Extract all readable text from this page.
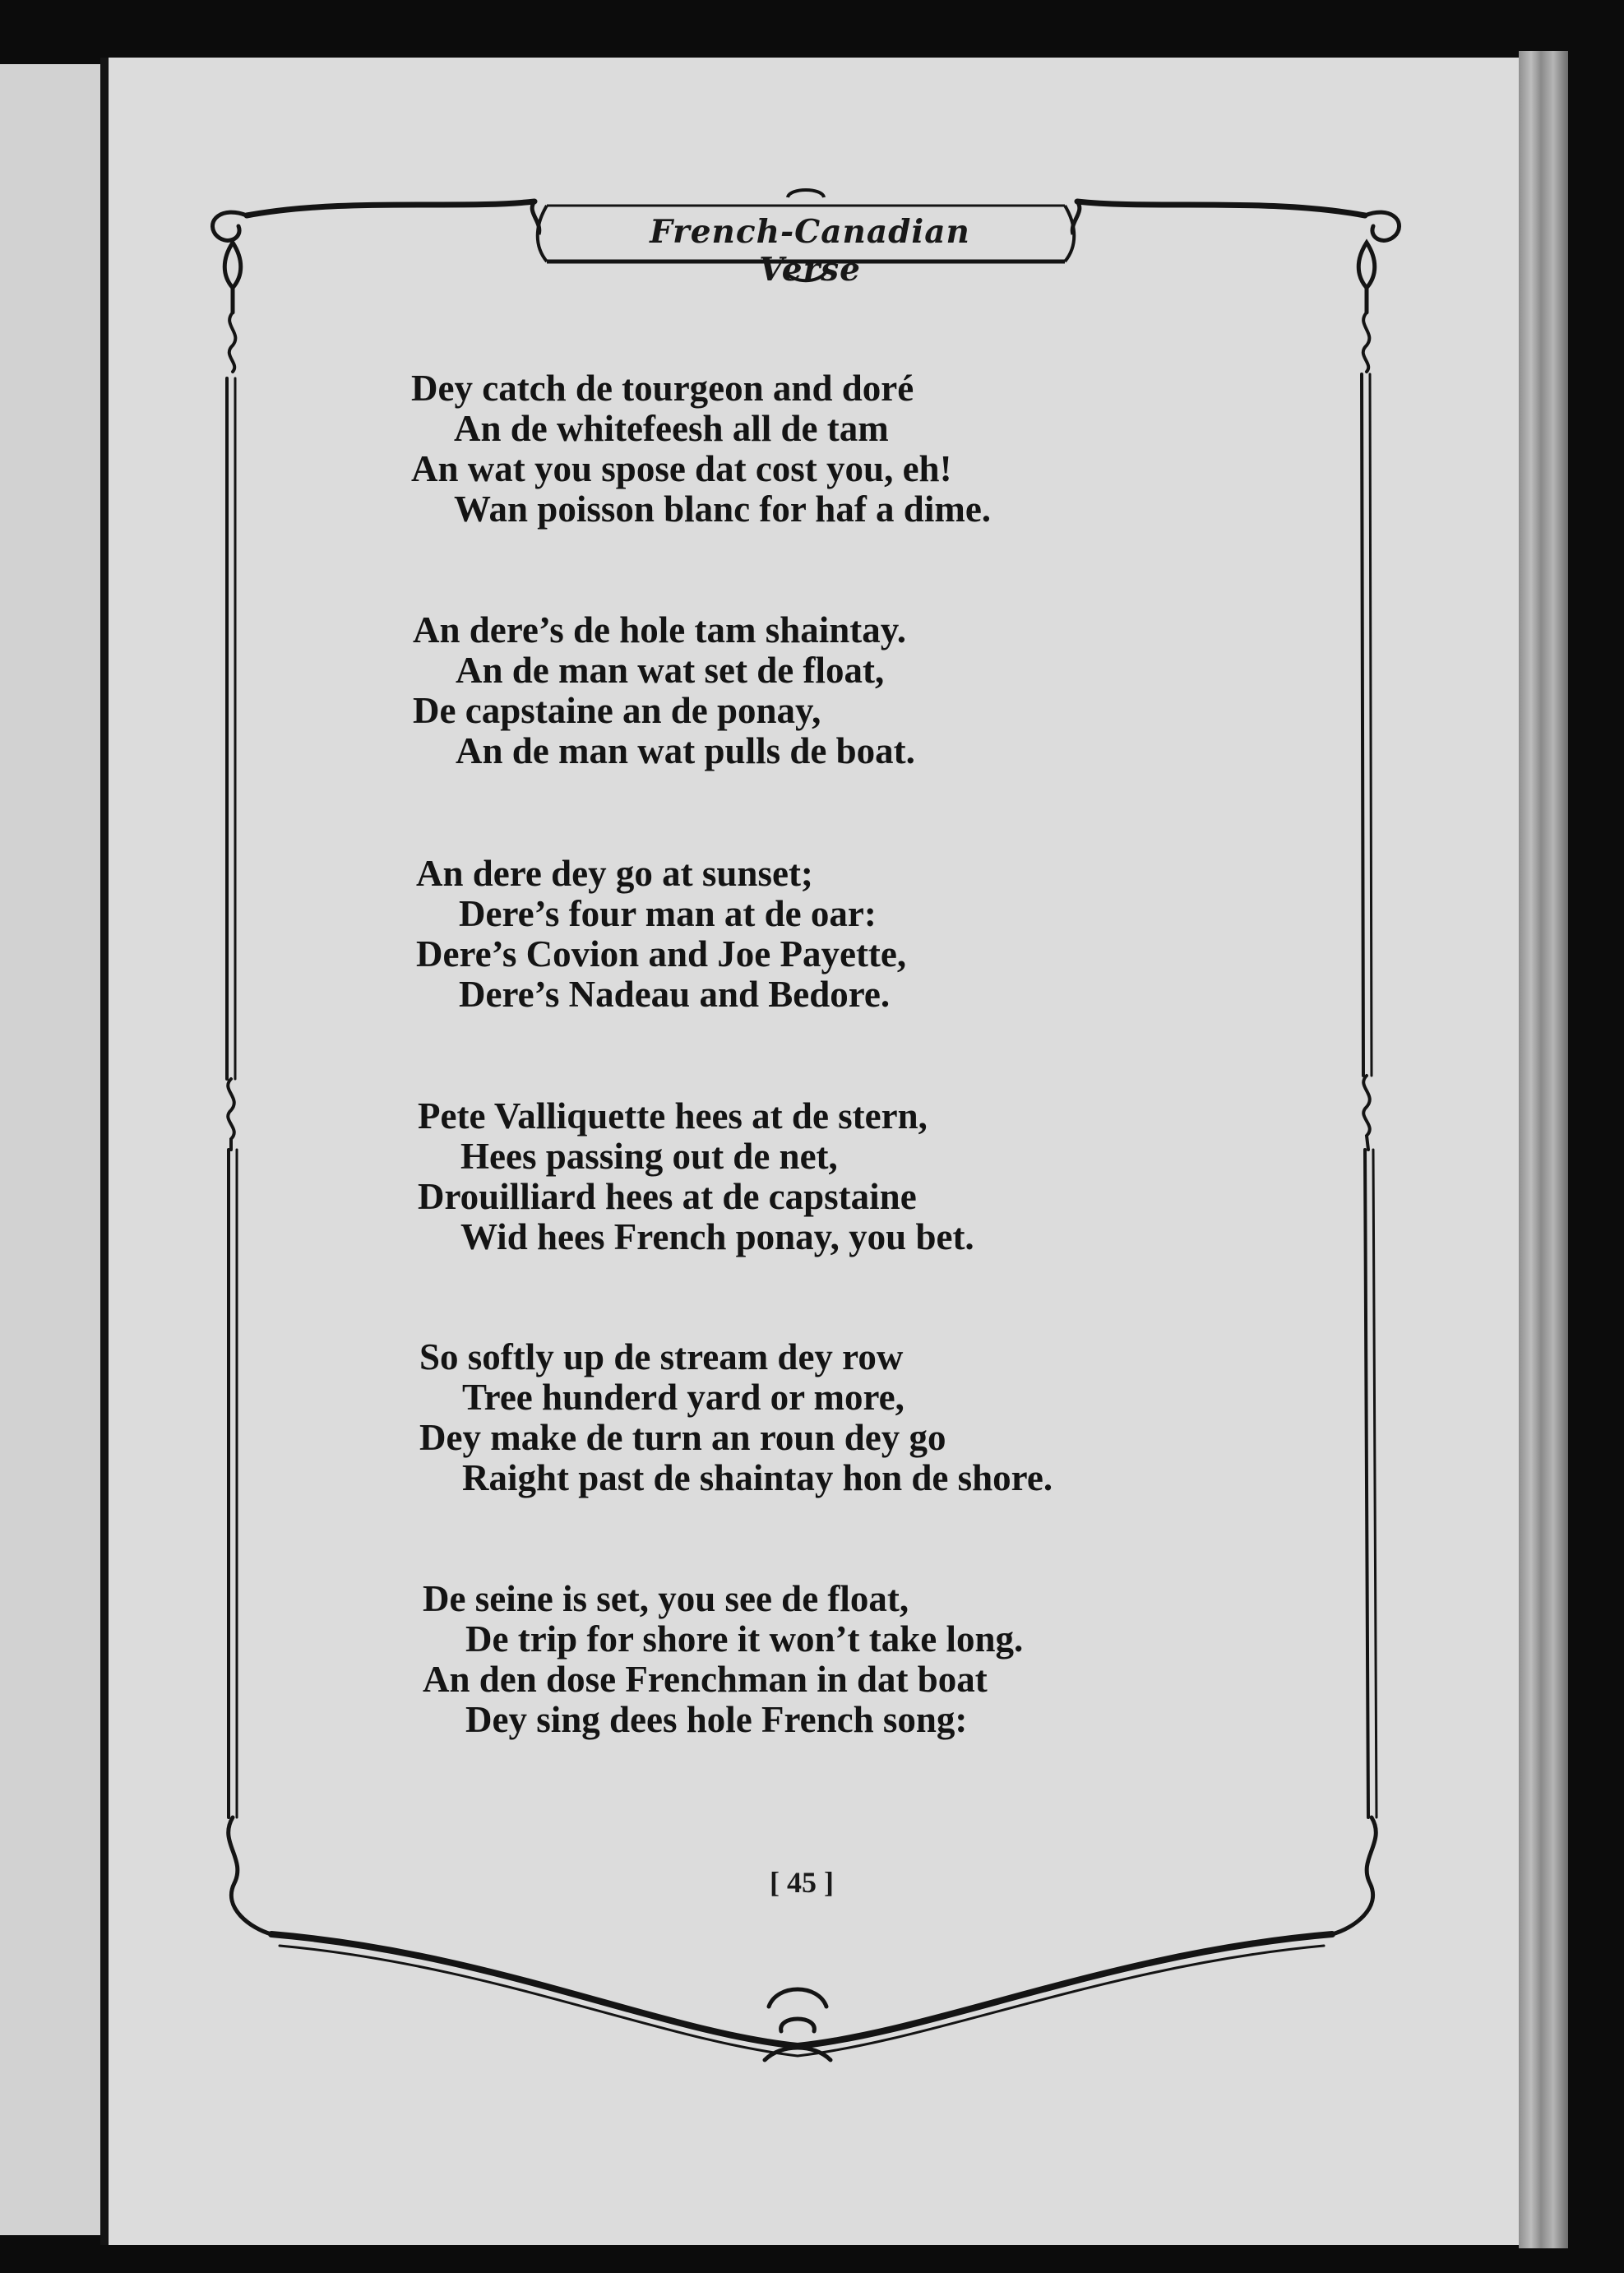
French-Canadian Verse
Dey catch de tourgeon and doré
An de whitefeesh all de tam
An wat you spose dat cost you, eh!
Wan poisson blanc for haf a dime.
An dere’s de hole tam shaintay.
An de man wat set de float,
De capstaine an de ponay,
An de man wat pulls de boat.
An dere dey go at sunset;
Dere’s four man at de oar:
Dere’s Covion and Joe Payette,
Dere’s Nadeau and Bedore.
Pete Valliquette hees at de stern,
Hees passing out de net,
Drouilliard hees at de capstaine
Wid hees French ponay, you bet.
So softly up de stream dey row
Tree hunderd yard or more,
Dey make de turn an roun dey go
Raight past de shaintay hon de shore.
De seine is set, you see de float,
De trip for shore it won’t take long.
An den dose Frenchman in dat boat
Dey sing dees hole French song:
[ 45 ]
